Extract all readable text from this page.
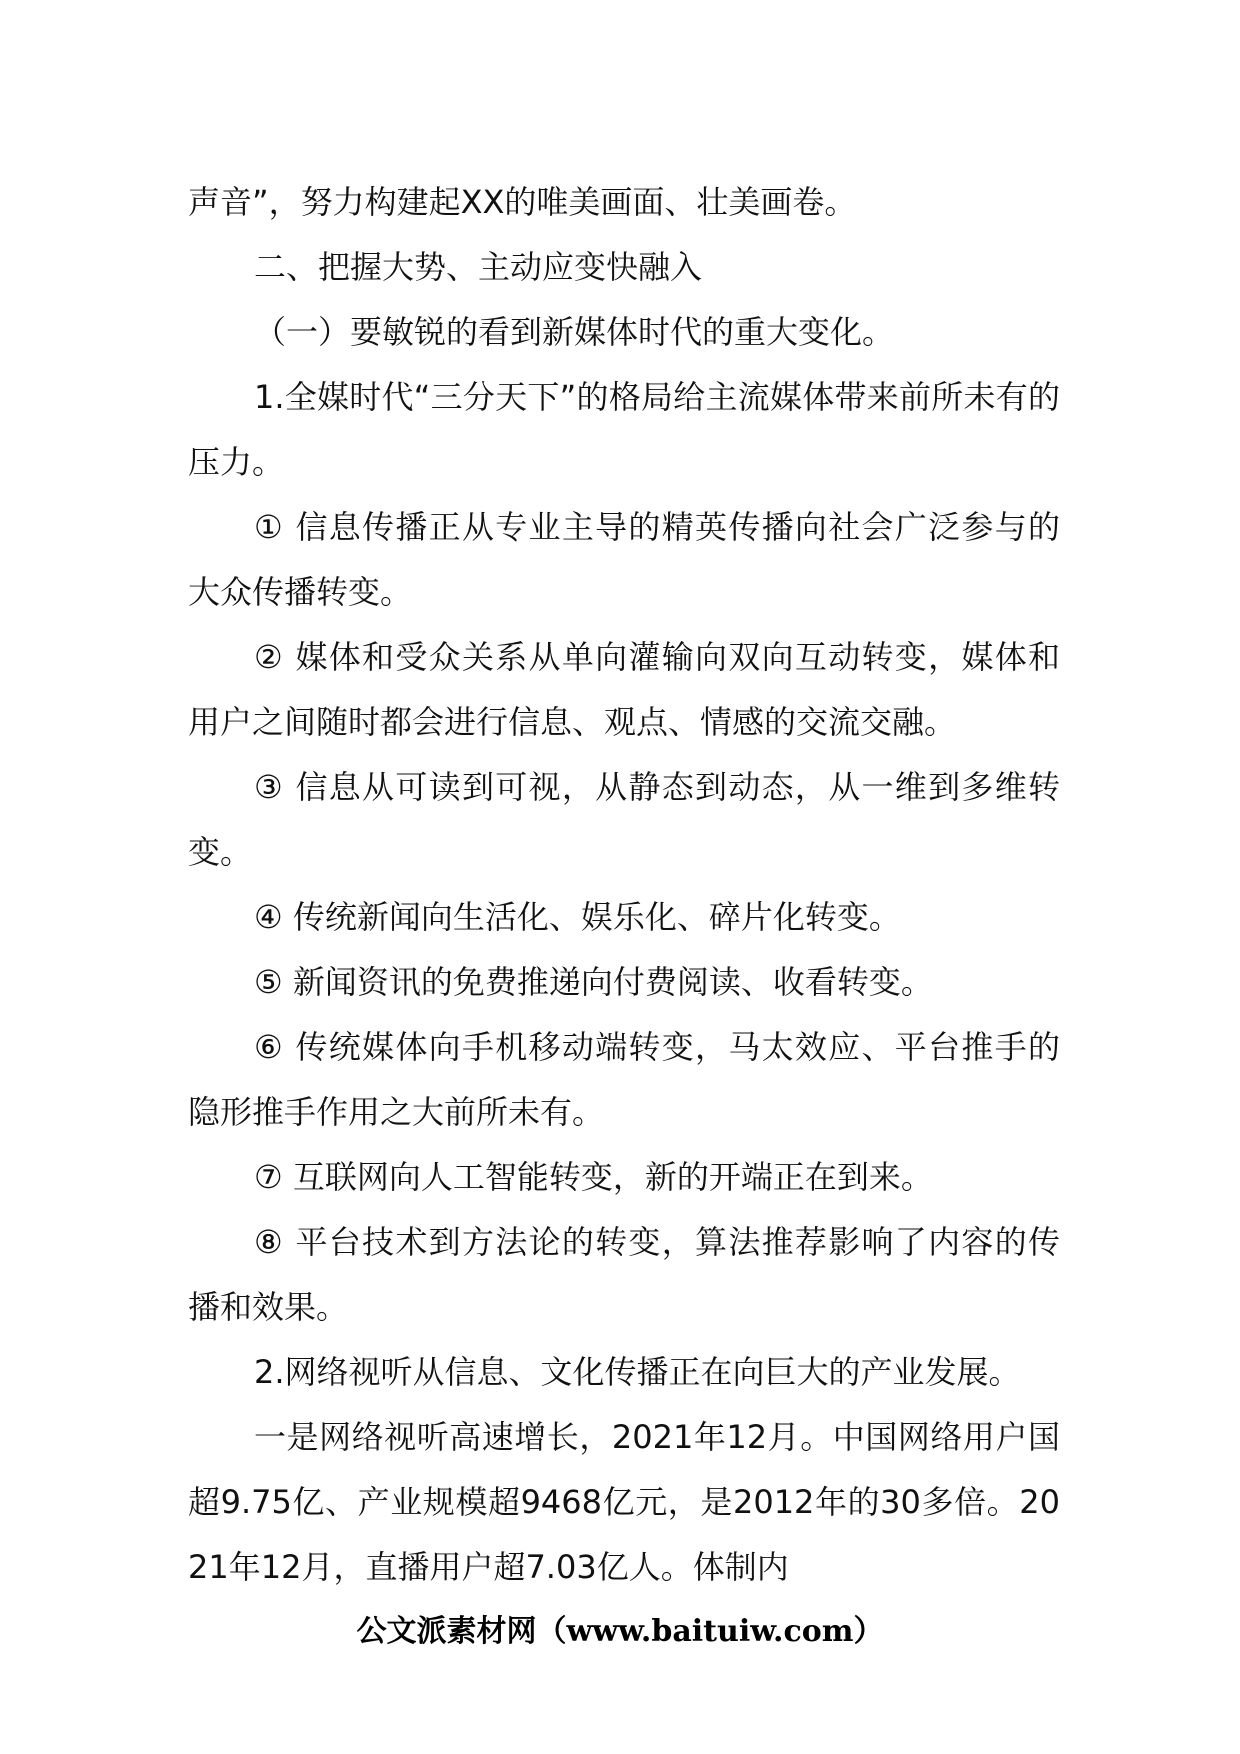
声音”，努力构建起XX的唯美画面、壮美画卷。

二、把握大势、主动应变快融入

（一）要敏锐的看到新媒体时代的重大变化。

1.全媒时代“三分天下”的格局给主流媒体带来前所未有的压力。

① 信息传播正从专业主导的精英传播向社会广泛参与的大众传播转变。

② 媒体和受众关系从单向灌输向双向互动转变，媒体和用户之间随时都会进行信息、观点、情感的交流交融。

③ 信息从可读到可视，从静态到动态，从一维到多维转变。

④ 传统新闻向生活化、娱乐化、碎片化转变。

⑤ 新闻资讯的免费推递向付费阅读、收看转变。

⑥ 传统媒体向手机移动端转变，马太效应、平台推手的隐形推手作用之大前所未有。

⑦ 互联网向人工智能转变，新的开端正在到来。

⑧ 平台技术到方法论的转变，算法推荐影响了内容的传播和效果。

2.网络视听从信息、文化传播正在向巨大的产业发展。

一是网络视听高速增长，2021年12月。中国网络用户国超9.75亿、产业规模超9468亿元，是2012年的30多倍。2021年12月，直播用户超7.03亿人。体制内

公文派素材网（www.baituiw.com）
